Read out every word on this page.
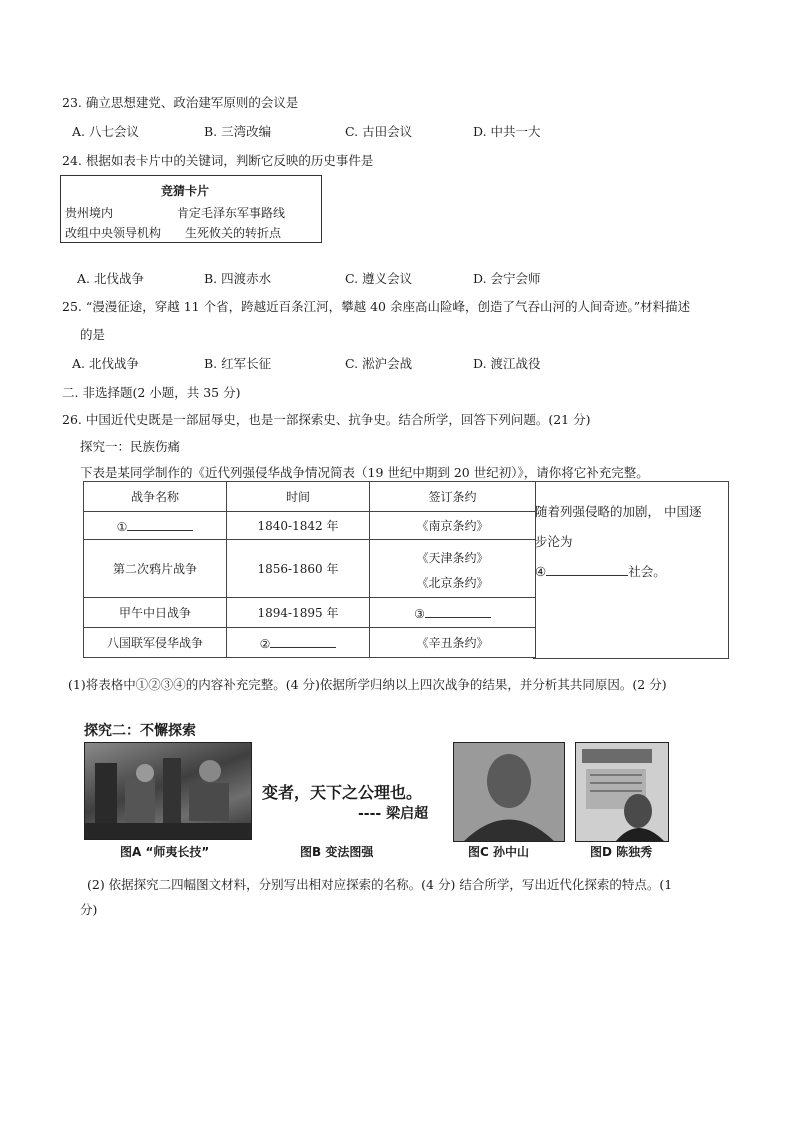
23. 确立思想建党、政治建军原则的会议是
A. 八七会议	B. 三湾改编	C. 古田会议	D. 中共一大
24. 根据如表卡片中的关键词，判断它反映的历史事件是
竞猜卡片
贵州境内	肯定毛泽东军事路线
改组中央领导机构 生死攸关的转折点
A. 北伐战争	B. 四渡赤水	C. 遵义会议	D. 会宁会师
25. “漫漫征途，穿越 11 个省，跨越近百条江河，攀越 40 余座高山险峰，创造了气吞山河的人间奇迹。”材料描述
的是
A. 北伐战争	B. 红军长征	C. 淞沪会战	D. 渡江战役
二. 非选择题(2 小题，共 35 分)
26. 中国近代史既是一部屈辱史，也是一部探索史、抗争史。结合所学，回答下列问题。(21 分)
探究一：民族伤痛
下表是某同学制作的《近代列强侵华战争情况简表（19 世纪中期到 20 世纪初）》，请你将它补充完整。
战争名称	时间	签订条约
①	1840-1842 年	《南京条约》
第二次鸦片战争	1856-1860 年	《天津条约》
《北京条约》

甲午中日战争	1894-1895 年	③
八国联军侵华战争	②	《辛丑条约》
随着列强侵略的加剧， 中国逐
步沦为
④	社会。
(1)将表格中①②③④的内容补充完整。(4 分)依据所学归纳以上四次战争的结果，并分析其共同原因。(2 分)
探究二：不懈探索
变者，天下之公理也。
---- 梁启超
图A “师夷长技”	图B 变法图强	图C 孙中山	图D 陈独秀
(2) 依据探究二四幅图文材料，分别写出相对应探索的名称。(4 分) 结合所学，写出近代化探索的特点。(1
分)
